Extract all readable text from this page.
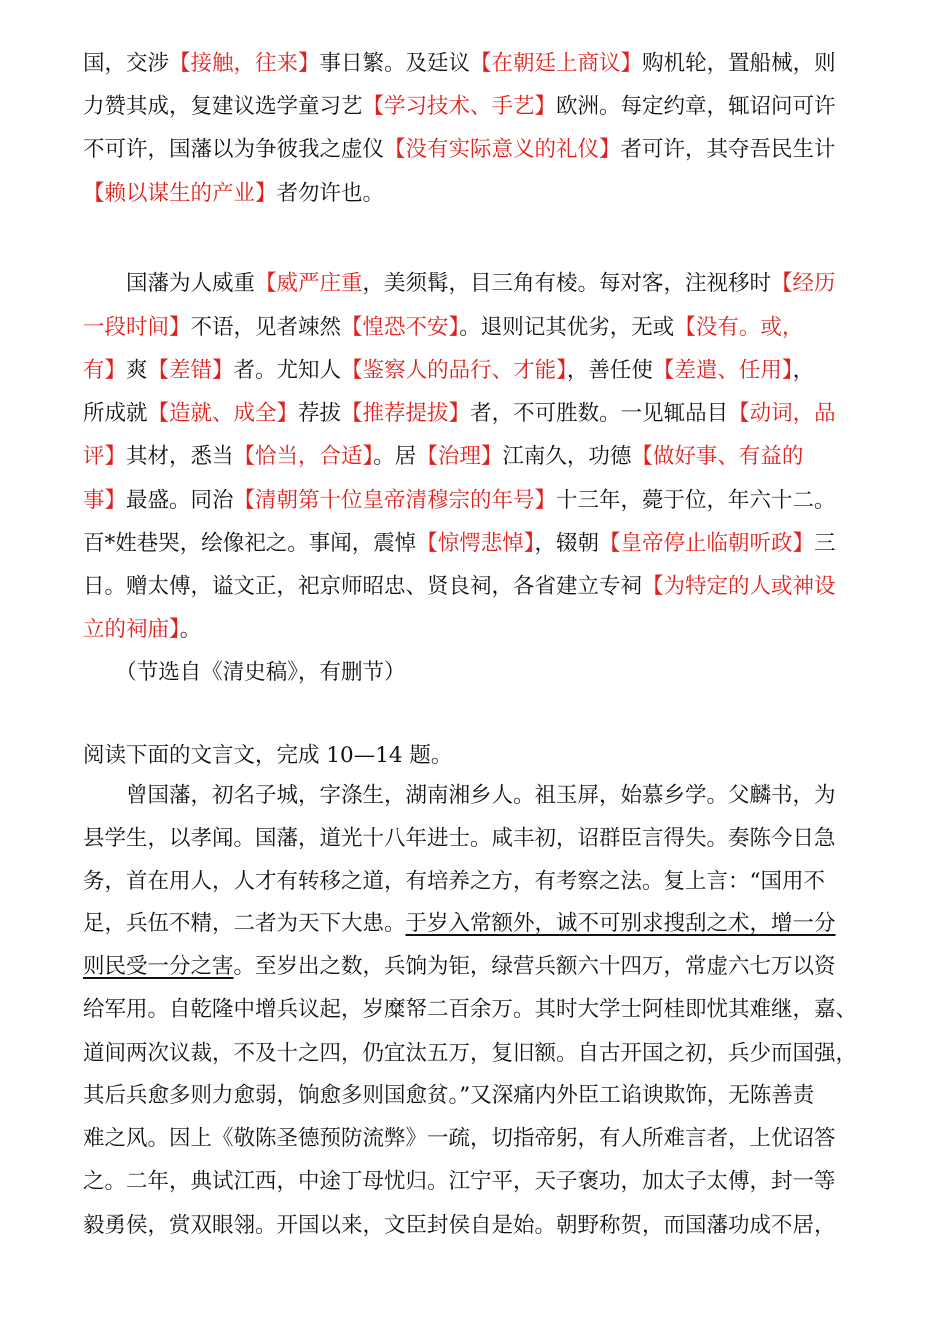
国，交涉【接触，往来】事日繁。及廷议【在朝廷上商议】购机轮，置船械，则
力赞其成，复建议选学童习艺【学习技术、手艺】欧洲。每定约章，辄诏问可许
不可许，国藩以为争彼我之虚仪【没有实际意义的礼仪】者可许，其夺吾民生计
【赖以谋生的产业】者勿许也。
　　国藩为人威重【威严庄重，美须髯，目三角有棱。每对客，注视移时【经历
一段时间】不语，见者竦然【惶恐不安】。退则记其优劣，无或【没有。或，
有】爽【差错】者。尤知人【鉴察人的品行、才能】，善任使【差遣、任用】，
所成就【造就、成全】荐拔【推荐提拔】者，不可胜数。一见辄品目【动词，品
评】其材，悉当【恰当，合适】。居【治理】江南久，功德【做好事、有益的
事】最盛。同治【清朝第十位皇帝清穆宗的年号】十三年，薨于位，年六十二。
百*姓巷哭，绘像祀之。事闻，震悼【惊愕悲悼】，辍朝【皇帝停止临朝听政】三
日。赠太傅，谥文正，祀京师昭忠、贤良祠，各省建立专祠【为特定的人或神设
立的祠庙】。
　　（节选自《清史稿》，有删节）
阅读下面的文言文，完成 10—14 题。
　　曾国藩，初名子城，字涤生，湖南湘乡人。祖玉屏，始慕乡学。父麟书，为
县学生，以孝闻。国藩，道光十八年进士。咸丰初，诏群臣言得失。奏陈今日急
务，首在用人，人才有转移之道，有培养之方，有考察之法。复上言：“国用不
足，兵伍不精，二者为天下大患。于岁入常额外，诚不可别求搜刮之术，增一分
则民受一分之害。至岁出之数，兵饷为钜，绿营兵额六十四万，常虚六七万以资
给军用。自乾隆中增兵议起，岁糜帑二百余万。其时大学士阿桂即忧其难继，嘉、
道间两次议裁，不及十之四，仍宜汰五万，复旧额。自古开国之初，兵少而国强，
其后兵愈多则力愈弱，饷愈多则国愈贫。”又深痛内外臣工谄谀欺饰，无陈善责
难之风。因上《敬陈圣德预防流弊》一疏，切指帝躬，有人所难言者，上优诏答
之。二年，典试江西，中途丁母忧归。江宁平，天子褒功，加太子太傅，封一等
毅勇侯，赏双眼翎。开国以来，文臣封侯自是始。朝野称贺，而国藩功成不居，
